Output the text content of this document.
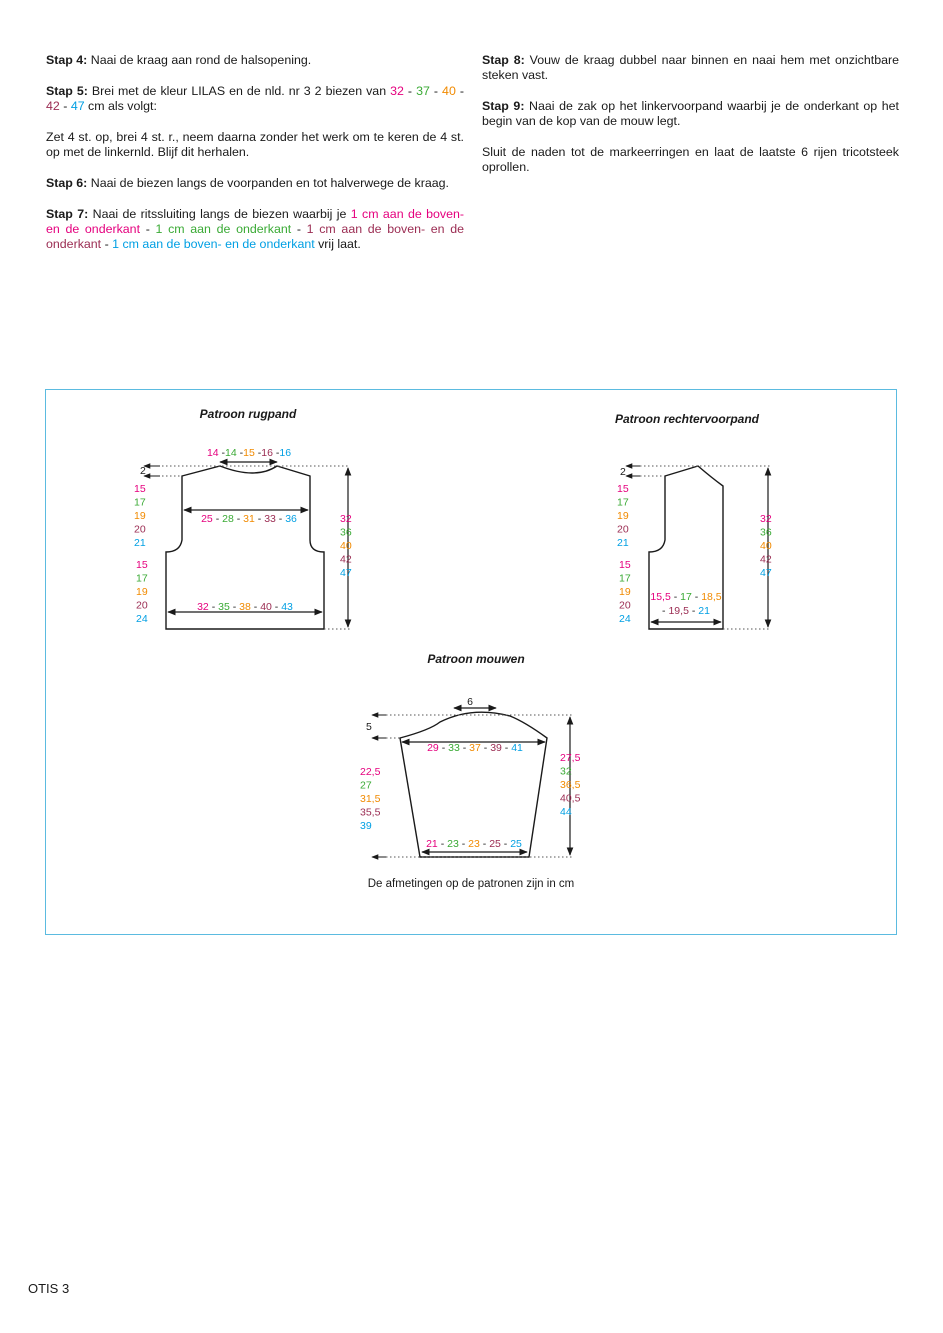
Stap 4: Naai de kraag aan rond de halsopening.

Stap 5: Brei met de kleur LILAS en de nld. nr 3 2 biezen van 32 - 37 - 40 - 42 - 47 cm als volgt:

Zet 4 st. op, brei 4 st. r., neem daarna zonder het werk om te keren de 4 st. op met de linkernld. Blijf dit herhalen.

Stap 6: Naai de biezen langs de voorpanden en tot halverwege de kraag.

Stap 7: Naai de ritssluiting langs de biezen waarbij je 1 cm aan de boven- en de onderkant - 1 cm aan de onderkant - 1 cm aan de boven- en de onderkant - 1 cm aan de boven- en de onderkant vrij laat.

Stap 8: Vouw de kraag dubbel naar binnen en naai hem met onzichtbare steken vast.

Stap 9: Naai de zak op het linkervoorpand waarbij je de onderkant op het begin van de kop van de mouw legt.

Sluit de naden tot de markeerringen en laat de laatste 6 rijen tricotsteek oprollen.

Patroon rugpand
2
14 -14 -15 -16 -16
25 - 28 - 31 - 33 - 36
32 - 35 - 38 - 40 - 43
15
17
19
20
21
15
17
19
20
24
32
36
40
42
47
Patroon rechtervoorpand
2
15,5 - 17 - 18,5
- 19,5 - 21
15
17
19
20
21
15
17
19
20
24
32
36
40
42
47
Patroon mouwen
6
5
29 - 33 - 37 - 39 - 41
21 - 23 - 23 - 25 - 25
22,5
27
31,5
35,5
39
27,5
32
36,5
40,5
44
De afmetingen op de patronen zijn in cm
OTIS 3
